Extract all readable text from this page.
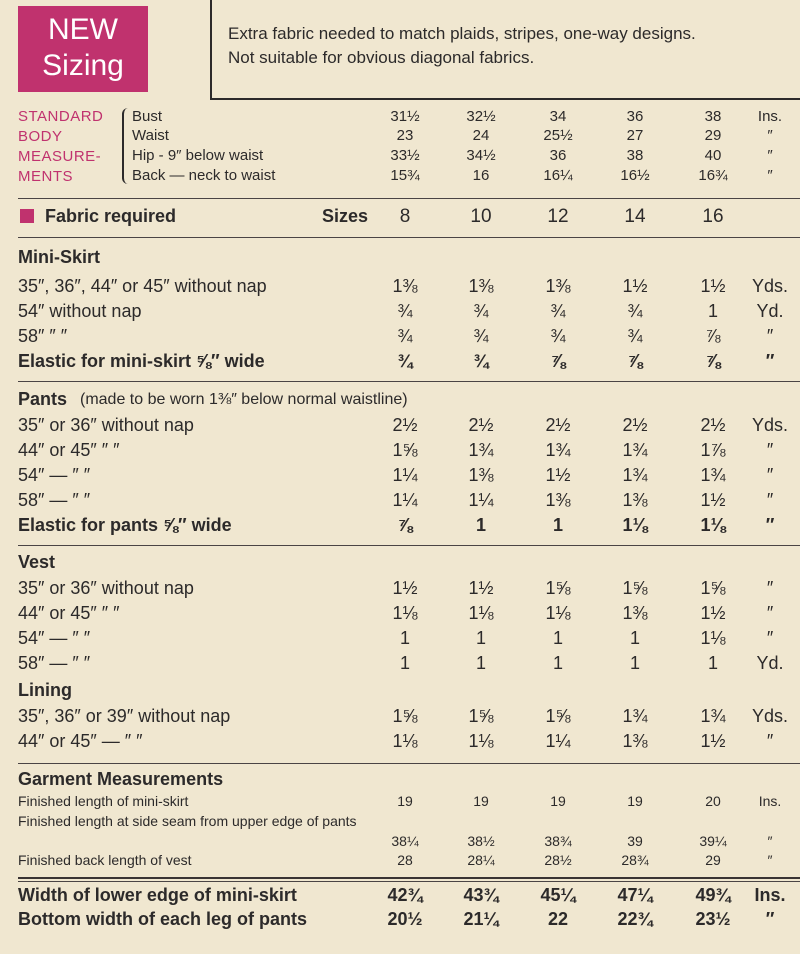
NEW
Sizing
Extra fabric needed to match plaids, stripes, one-way designs.
Not suitable for obvious diagonal fabrics.
STANDARD
BODY
MEASURE-
MENTS
Bust	31½	32½	34	36	38 Ins.
Waist	23	24	25½	27	29	″
Hip - 9″ below waist	33½	34½	36	38	40	″
Back — neck to waist	15¾	16	16¼	16½	16¾	″
35″, 36″, 44″ or 45″ without nap	1⅜	1⅜	1⅜	1½	1½ Yds.
54″ without nap	¾	¾	¾	¾	1 Yd.
58″ ″ ″	¾	¾	¾	¾	⅞	″
Elastic for mini-skirt ⅝″ wide	¾	¾	⅞	⅞	⅞	″
35″ or 36″ without nap	2½	2½	2½	2½	2½ Yds.
44″ or 45″ ″ ″	1⅝	1¾	1¾	1¾	1⅞ ″
54″ — ″ ″	1¼	1⅜	1½	1¾	1¾ ″
58″ — ″ ″	1¼	1¼	1⅜	1⅜	1½ ″
Elastic for pants ⅝″ wide	⅞	1	1	1⅛	1⅛ ″
35″ or 36″ without nap	1½	1½	1⅝	1⅝	1⅝ ″
44″ or 45″ ″ ″	1⅛	1⅛	1⅛	1⅜	1½ ″
54″ — ″ ″	1	1	1	1	1⅛ ″
58″ — ″ ″	1	1	1	1	1 Yd.
35″, 36″ or 39″ without nap	1⅝	1⅝	1⅝	1¾	1¾ Yds.
44″ or 45″ — ″ ″	1⅛	1⅛	1¼	1⅜	1½ ″
Finished length of mini-skirt	19	19	19	19	20	Ins.
Finished length at side seam from upper edge of pants
38¼	38½	38¾	39	39¼	″
Finished back length of vest	28	28¼	28½	28¾	29	″
Width of lower edge of mini-skirt	42¾ 43¾ 45¼ 47¼ 49¾ Ins.
Bottom width of each leg of pants	20½ 21¼	22	22¾ 23½ ″
Fabric required	Sizes 8	10	12	14	16
Mini-Skirt
Pants (made to be worn 1⅜″ below normal waistline)
Vest
Lining
Garment Measurements
